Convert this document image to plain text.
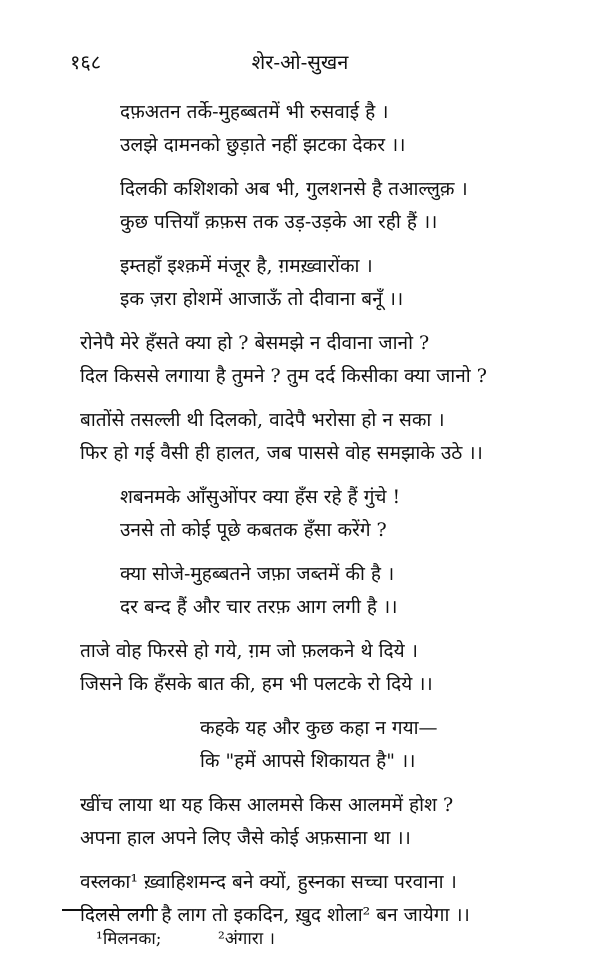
१६८	शेर-ओ-सुखन
दफ़अतन तर्के-मुहब्बतमें भी रुसवाई है ।
उलझे दामनको छुड़ाते नहीं झटका देकर ।।
दिलकी कशिशको अब भी, गुलशनसे है तआल्लुक़ ।
कुछ पत्तियाँ क़फ़स तक उड़-उड़के आ रही हैं ।।
इम्तहाँ इश्क़में मंजूर है, ग़मख़्वारोंका ।
इक ज़रा होशमें आजाऊँ तो दीवाना बनूँ ।।
रोनेपै मेरे हँसते क्या हो ? बेसमझे न दीवाना जानो ?
दिल किससे लगाया है तुमने ? तुम दर्द किसीका क्या जानो ?
बातोंसे तसल्ली थी दिलको, वादेपै भरोसा हो न सका ।
फिर हो गई वैसी ही हालत, जब पाससे वोह समझाके उठे ।।
शबनमके आँसुओंपर क्या हँस रहे हैं गुंचे !
उनसे तो कोई पूछे कबतक हँसा करेंगे ?
क्या सोजे-मुहब्बतने जफ़ा जब्तमें की है ।
दर बन्द हैं और चार तरफ़ आग लगी है ।।
ताजे वोह फिरसे हो गये, ग़म जो फ़लकने थे दिये ।
जिसने कि हँसके बात की, हम भी पलटके रो दिये ।।
कहके यह और कुछ कहा न गया—
कि "हमें आपसे शिकायत है" ।।
खींच लाया था यह किस आलमसे किस आलममें होश ?
अपना हाल अपने लिए जैसे कोई अफ़साना था ।।
वस्लका¹ ख़्वाहिशमन्द बने क्यों, हुस्नका सच्चा परवाना ।
दिलसे लगी है लाग तो इकदिन, ख़ुद शोला² बन जायेगा ।।
¹मिलनका;	²अंगारा ।
